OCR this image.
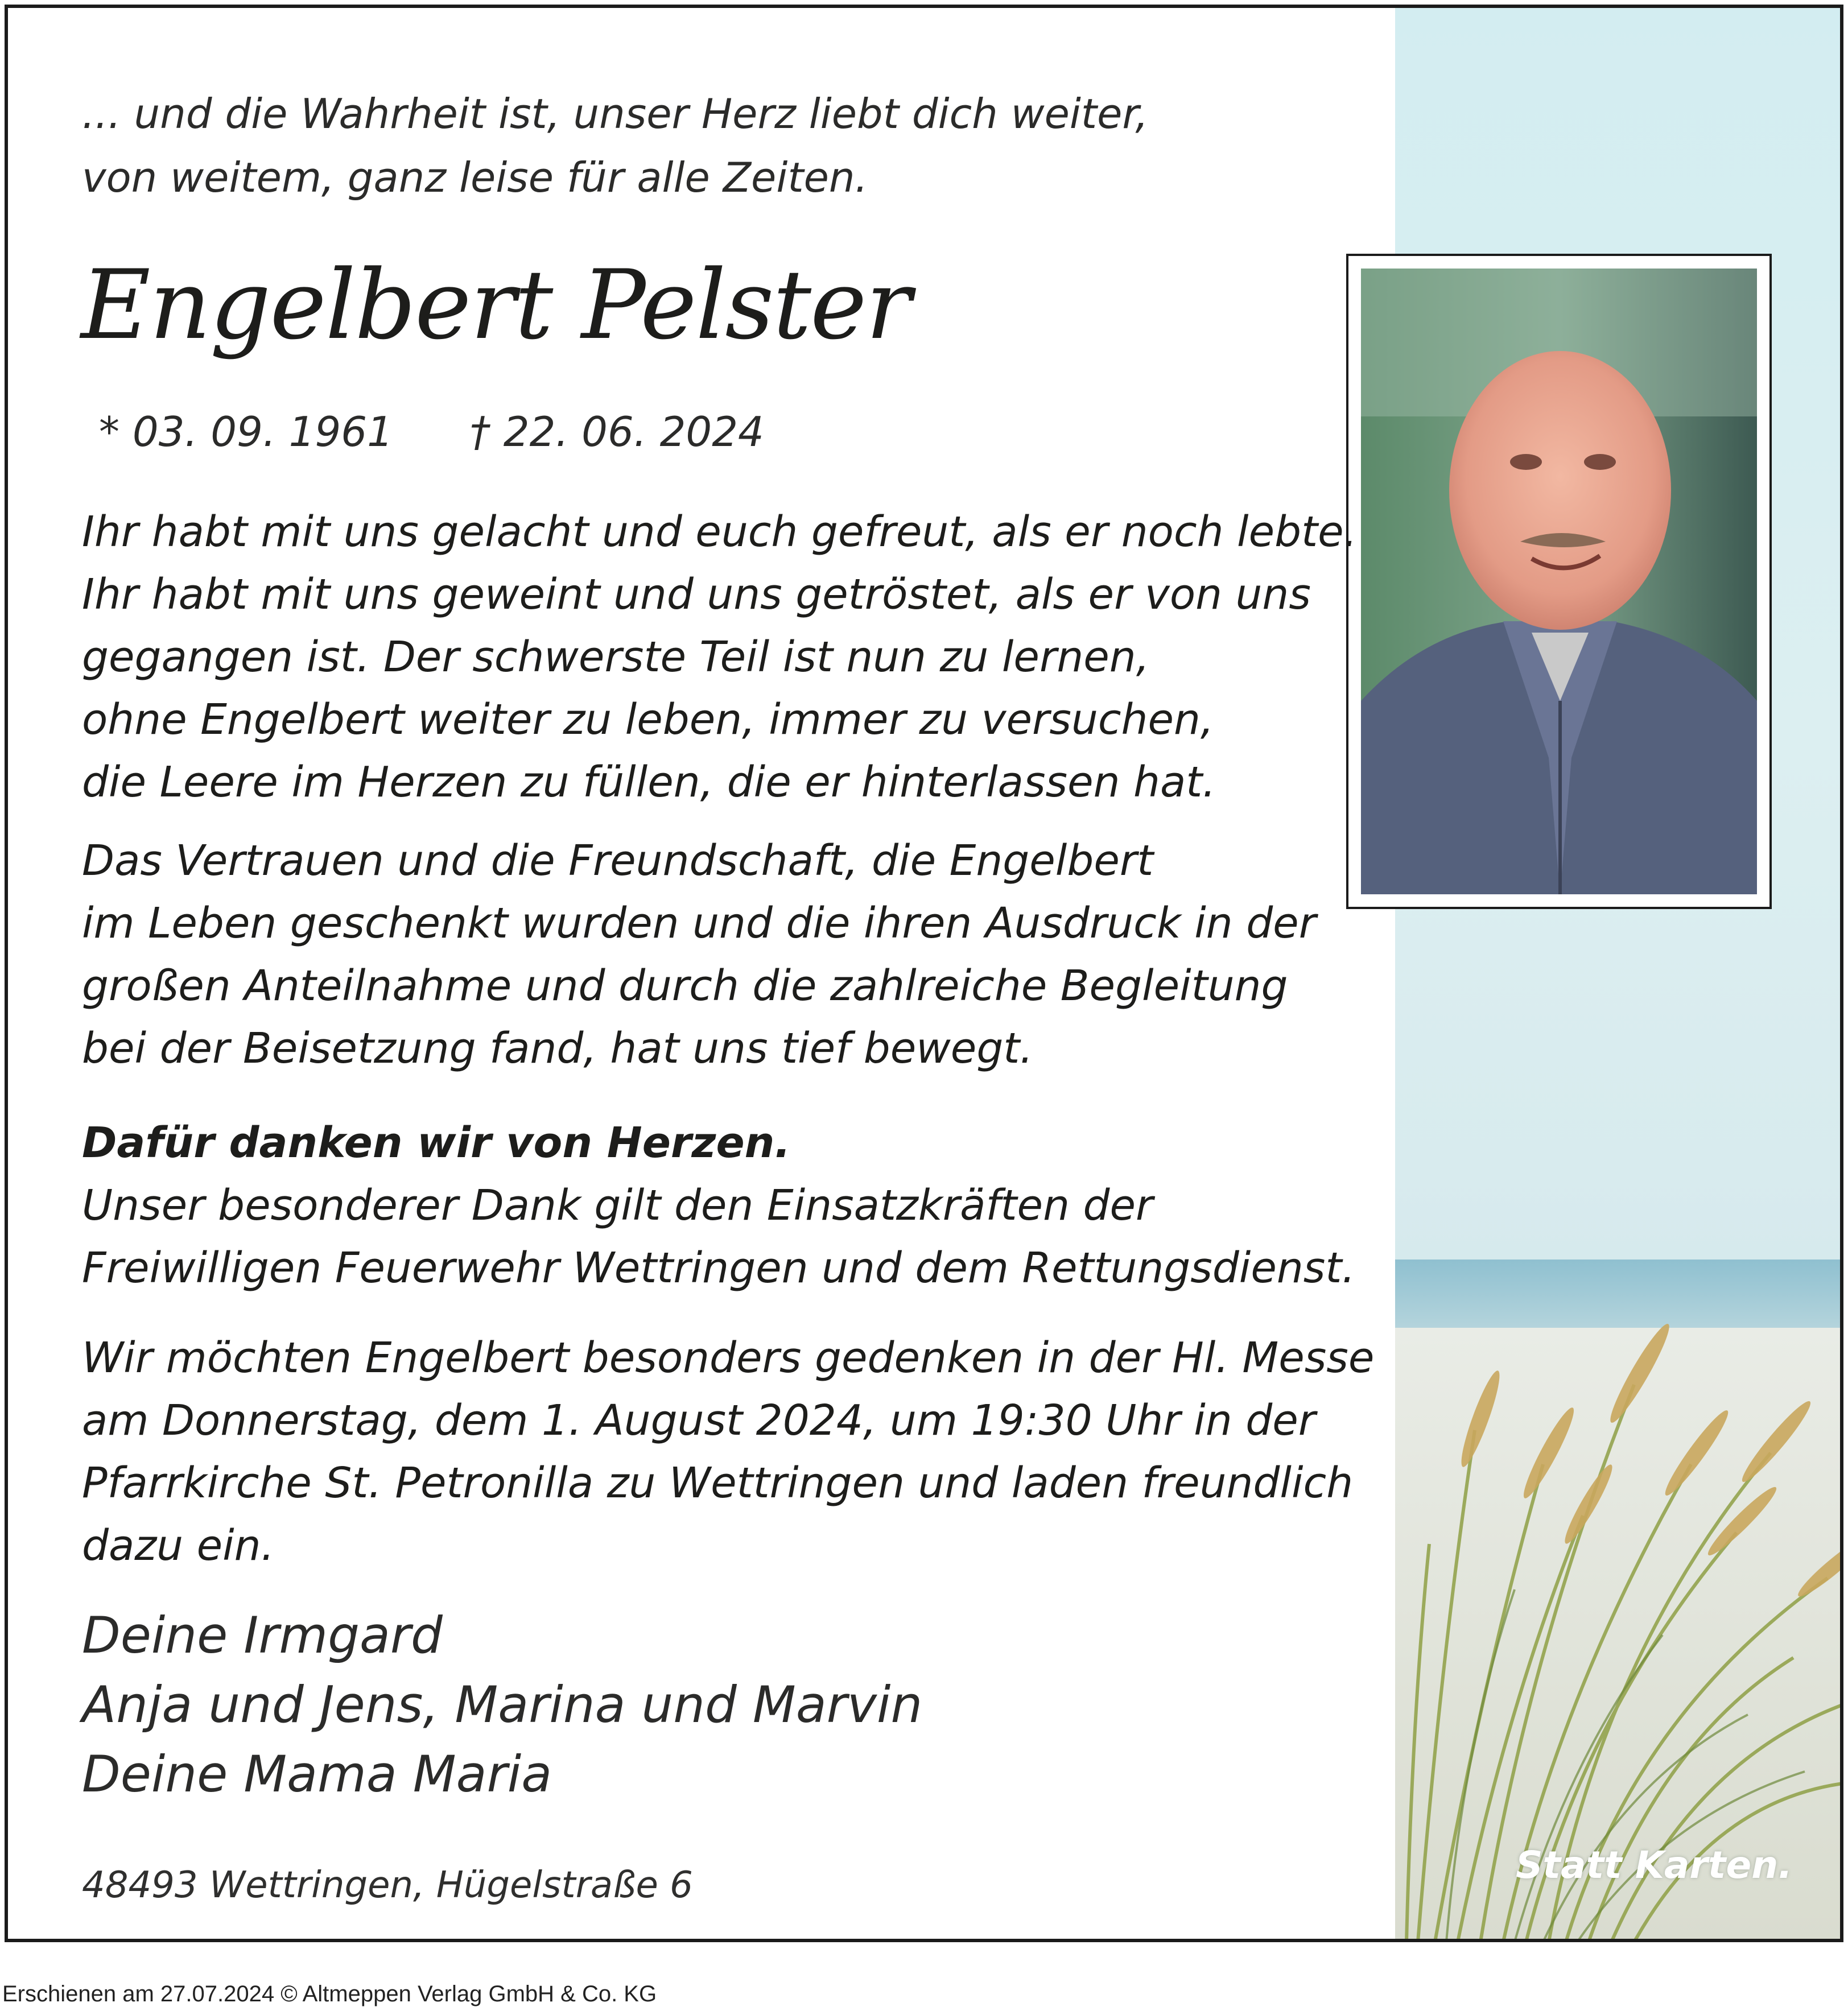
... und die Wahrheit ist, unser Herz liebt dich weiter,
von weitem, ganz leise für alle Zeiten.

Engelbert Pelster

* 03. 09. 1961 † 22. 06. 2024

Ihr habt mit uns gelacht und euch gefreut, als er noch lebte.
Ihr habt mit uns geweint und uns getröstet, als er von uns
gegangen ist. Der schwerste Teil ist nun zu lernen,
ohne Engelbert weiter zu leben, immer zu versuchen,
die Leere im Herzen zu füllen, die er hinterlassen hat.

Das Vertrauen und die Freundschaft, die Engelbert
im Leben geschenkt wurden und die ihren Ausdruck in der
großen Anteilnahme und durch die zahlreiche Begleitung
bei der Beisetzung fand, hat uns tief bewegt.

Dafür danken wir von Herzen.

Unser besonderer Dank gilt den Einsatzkräften der
Freiwilligen Feuerwehr Wettringen und dem Rettungsdienst.

Wir möchten Engelbert besonders gedenken in der Hl. Messe
am Donnerstag, dem 1. August 2024, um 19:30 Uhr in der
Pfarrkirche St. Petronilla zu Wettringen und laden freundlich
dazu ein.

Deine Irmgard
Anja und Jens, Marina und Marvin
Deine Mama Maria

48493 Wettringen, Hügelstraße 6	Statt Karten.

Erschienen am 27.07.2024 © Altmeppen Verlag GmbH & Co. KG
